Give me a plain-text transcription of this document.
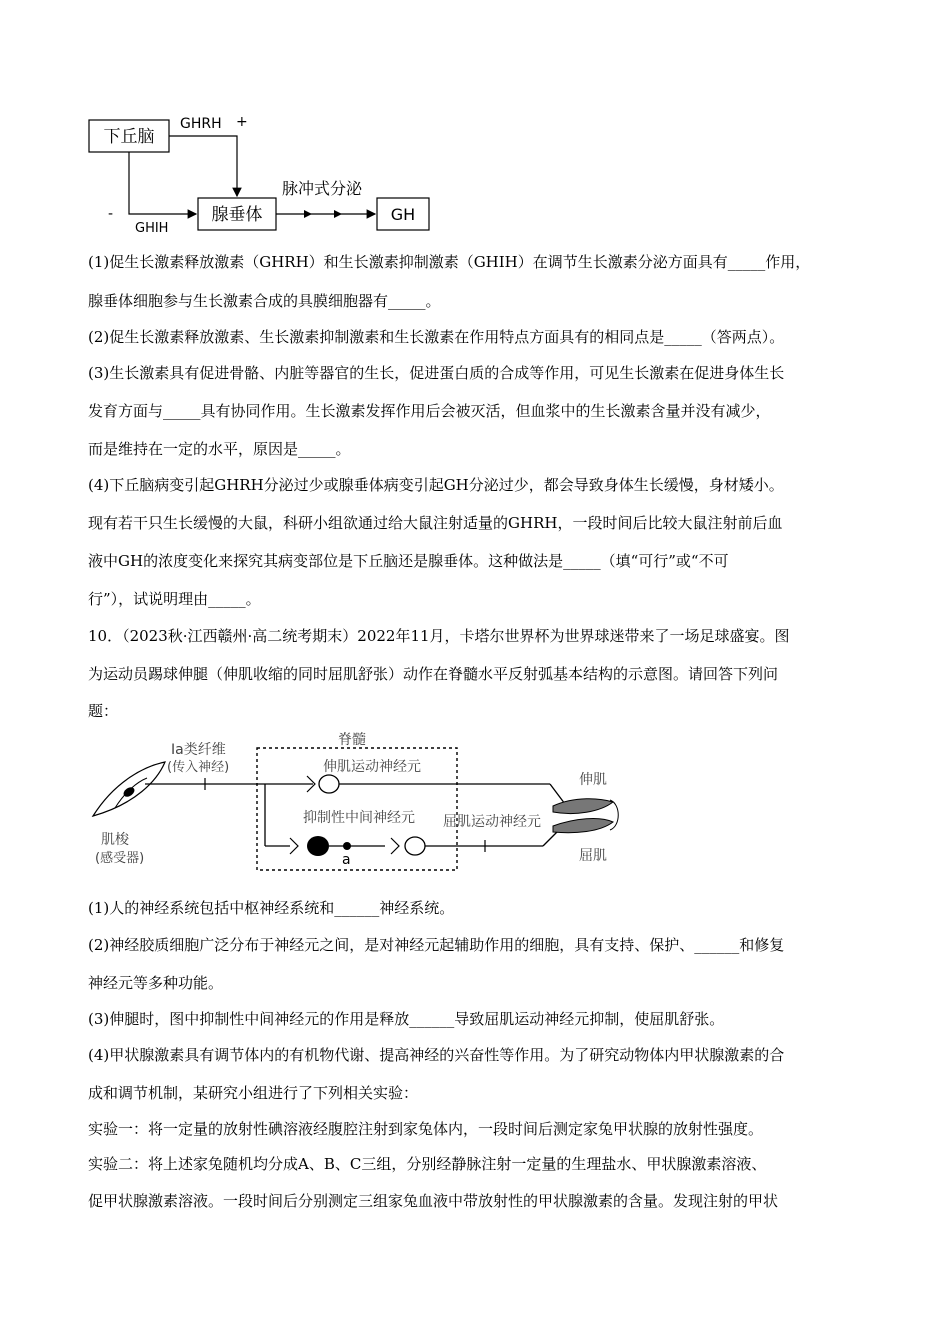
下丘脑
腺垂体	GH
GHRH +
-
GHIH
脉冲式分泌
(1)促生长激素释放激素（GHRH）和生长激素抑制激素（GHIH）在调节生长激素分泌方面具有_____作用，
腺垂体细胞参与生长激素合成的具膜细胞器有_____。
(2)促生长激素释放激素、生长激素抑制激素和生长激素在作用特点方面具有的相同点是_____（答两点）。
(3)生长激素具有促进骨骼、内脏等器官的生长，促进蛋白质的合成等作用，可见生长激素在促进身体生长
发育方面与_____具有协同作用。生长激素发挥作用后会被灭活，但血浆中的生长激素含量并没有减少，
而是维持在一定的水平，原因是_____。
(4)下丘脑病变引起GHRH分泌过少或腺垂体病变引起GH分泌过少，都会导致身体生长缓慢，身材矮小。
现有若干只生长缓慢的大鼠，科研小组欲通过给大鼠注射适量的GHRH，一段时间后比较大鼠注射前后血
液中GH的浓度变化来探究其病变部位是下丘脑还是腺垂体。这种做法是_____（填“可行”或“不可
行”），试说明理由_____。
10．（2023秋·江西赣州·高二统考期末）2022年11月，卡塔尔世界杯为世界球迷带来了一场足球盛宴。图
为运动员踢球伸腿（伸肌收缩的同时屈肌舒张）动作在脊髓水平反射弧基本结构的示意图。请回答下列问
题：
脊髓
肌梭
(感受器)
Ia类纤维
(传入神经)	伸肌运动神经元
抑制性中间神经元
a
屈肌运动神经元
伸肌
屈肌
(1)人的神经系统包括中枢神经系统和______神经系统。
(2)神经胶质细胞广泛分布于神经元之间，是对神经元起辅助作用的细胞，具有支持、保护、______和修复
神经元等多种功能。
(3)伸腿时，图中抑制性中间神经元的作用是释放______导致屈肌运动神经元抑制，使屈肌舒张。
(4)甲状腺激素具有调节体内的有机物代谢、提高神经的兴奋性等作用。为了研究动物体内甲状腺激素的合
成和调节机制，某研究小组进行了下列相关实验：
实验一：将一定量的放射性碘溶液经腹腔注射到家兔体内，一段时间后测定家兔甲状腺的放射性强度。
实验二：将上述家兔随机均分成A、B、C三组，分别经静脉注射一定量的生理盐水、甲状腺激素溶液、
促甲状腺激素溶液。一段时间后分别测定三组家兔血液中带放射性的甲状腺激素的含量。发现注射的甲状
